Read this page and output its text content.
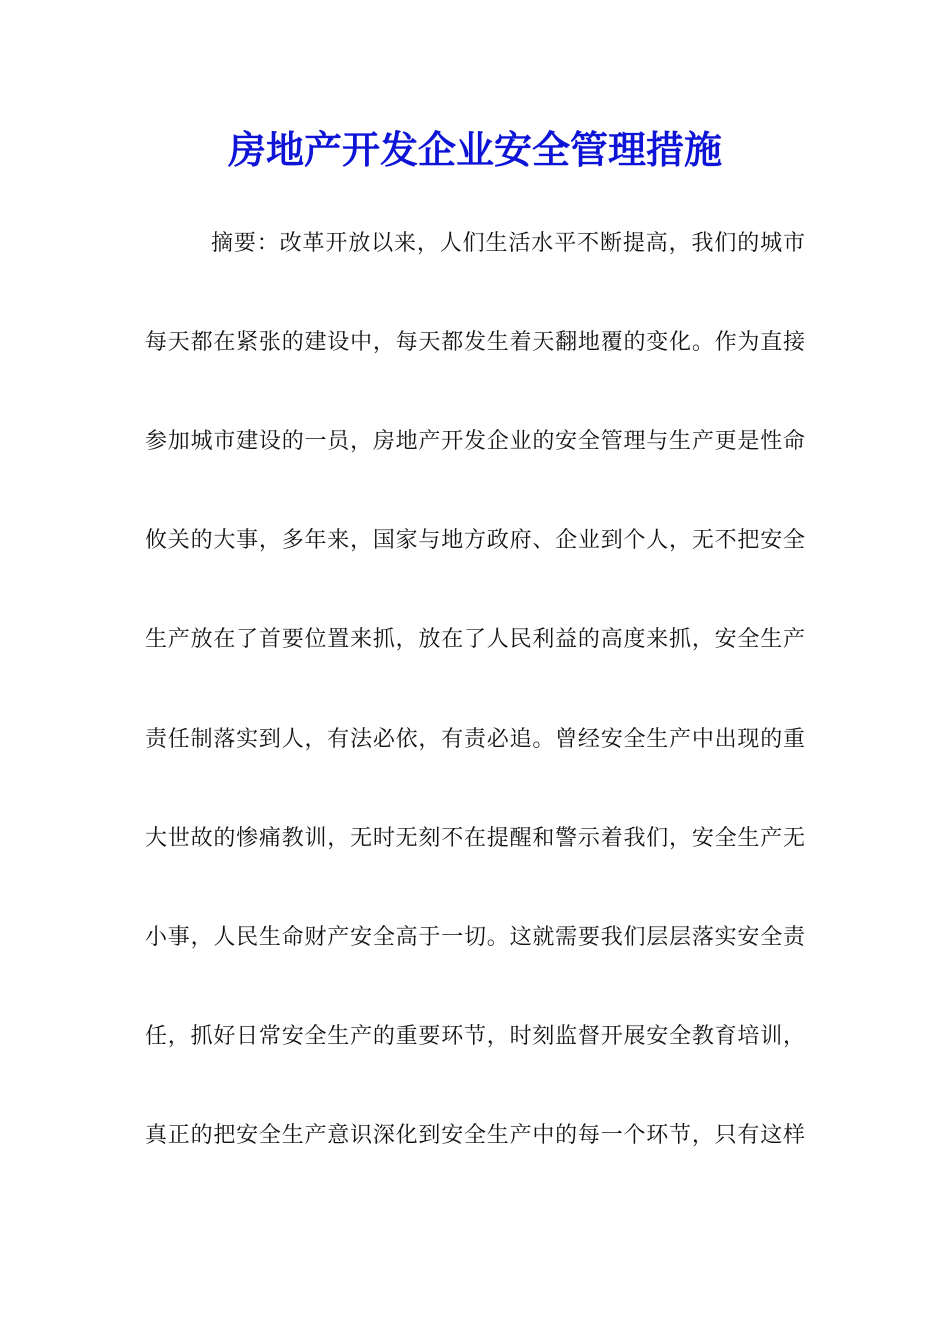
房地产开发企业安全管理措施
摘要：改革开放以来，人们生活水平不断提高，我们的城市
每天都在紧张的建设中，每天都发生着天翻地覆的变化。作为直接
参加城市建设的一员，房地产开发企业的安全管理与生产更是性命
攸关的大事，多年来，国家与地方政府、企业到个人，无不把安全
生产放在了首要位置来抓，放在了人民利益的高度来抓，安全生产
责任制落实到人，有法必依，有责必追。曾经安全生产中出现的重
大世故的惨痛教训，无时无刻不在提醒和警示着我们，安全生产无
小事，人民生命财产安全高于一切。这就需要我们层层落实安全责
任，抓好日常安全生产的重要环节，时刻监督开展安全教育培训，
真正的把安全生产意识深化到安全生产中的每一个环节，只有这样
